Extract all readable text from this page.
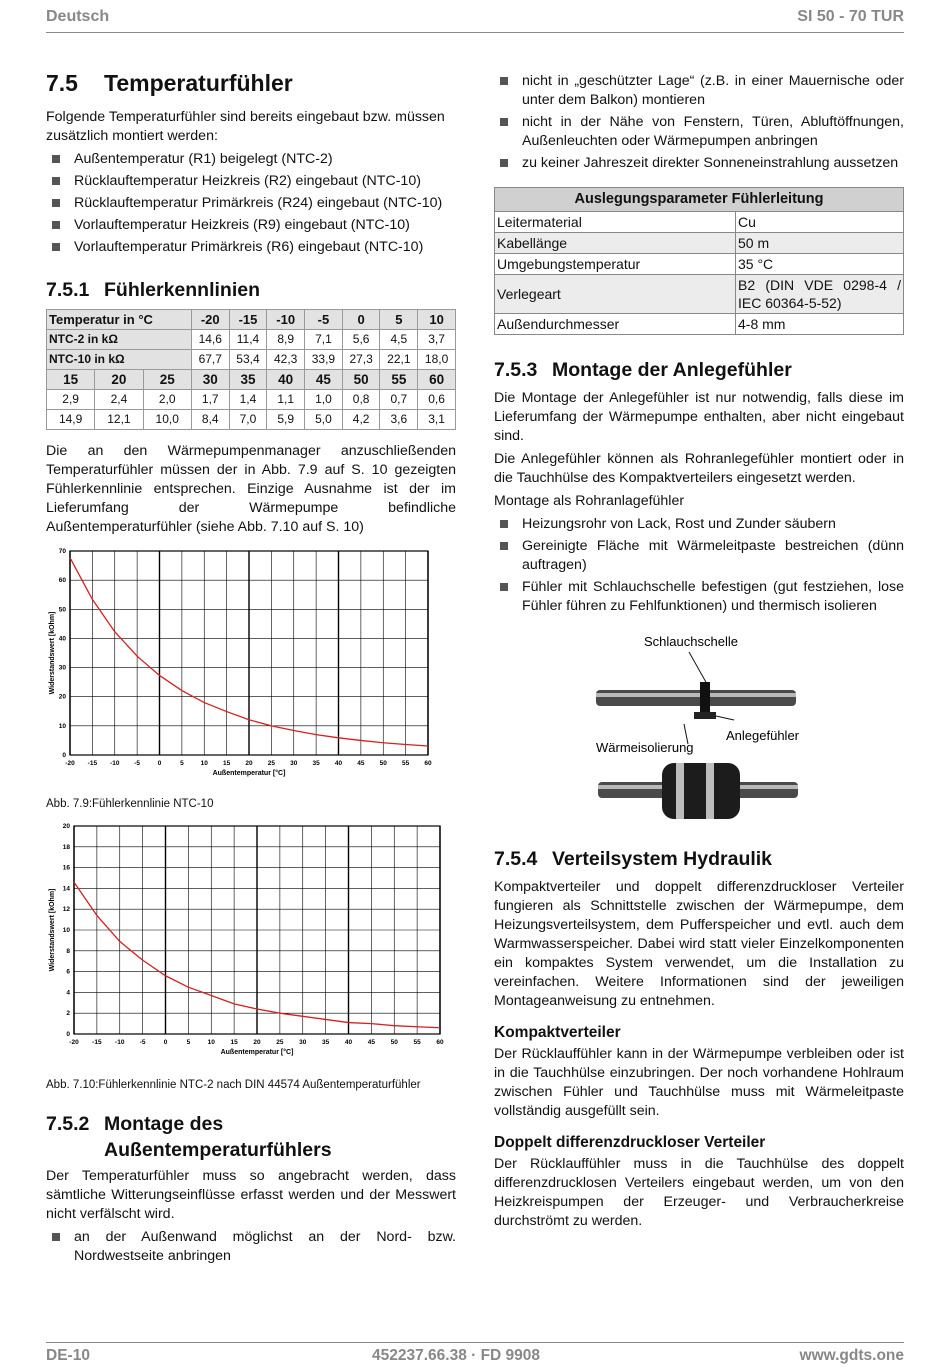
Deutsch	SI 50 - 70 TUR
7.5 Temperaturfühler

Folgende Temperaturfühler sind bereits eingebaut bzw. müssen zusätzlich montiert werden:

Außentemperatur (R1) beigelegt (NTC-2)
Rücklauftemperatur Heizkreis (R2) eingebaut (NTC-10)
Rücklauftemperatur Primärkreis (R24) eingebaut (NTC-10)
Vorlauftemperatur Heizkreis (R9) eingebaut (NTC-10)
Vorlauftemperatur Primärkreis (R6) eingebaut (NTC-10)
7.5.1 Fühlerkennlinien
Temperatur in °C			-20	-15	-10	-5	0	5	10
NTC-2 in kΩ			14,6	11,4	8,9	7,1	5,6	4,5	3,7
NTC-10 in kΩ			67,7	53,4	42,3	33,9	27,3	22,1	18,0
15	20	25	30	35	40	45	50	55	60
2,9	2,4	2,0	1,7	1,4	1,1	1,0	0,8	0,7	0,6
14,9	12,1	10,0	8,4	7,0	5,9	5,0	4,2	3,6	3,1

Die an den Wärmepumpenmanager anzuschließenden Temperaturfühler müssen der in Abb. 7.9 auf S. 10 gezeigten Fühlerkennlinie entsprechen. Einzige Ausnahme ist der im Lieferumfang der Wärmepumpe befindliche Außentemperaturfühler (siehe Abb. 7.10 auf S. 10)

-20 -15 -10 -5	0	5	10 15 20 25 30 35 40 45 50 55 60
0
10
20
30
40
50
60
70
Außentemperatur [°C]
Widerstandswert [kOhm]
Abb. 7.9:Fühlerkennlinie NTC-10
-20 -15 -10 -5	0	5	10 15 20 25 30 35 40 45 50 55 60
0
2
4
6
8
10
12
14
16
18
20
Außentemperatur [°C]
Widerstandswert [kOhm]
Abb. 7.10:Fühlerkennlinie NTC-2 nach DIN 44574 Außentemperaturfühler
7.5.2 Montage des
Außentemperaturfühlers

Der Temperaturfühler muss so angebracht werden, dass sämtliche Witterungseinflüsse erfasst werden und der Messwert nicht verfälscht wird.

an der Außenwand möglichst an der Nord- bzw. Nordwestseite anbringen
nicht in „geschützter Lage“ (z.B. in einer Mauernische oder unter dem Balkon) montieren
nicht in der Nähe von Fenstern, Türen, Abluftöffnungen, Außenleuchten oder Wärmepumpen anbringen
zu keiner Jahreszeit direkter Sonneneinstrahlung aussetzen
Auslegungsparameter Fühlerleitung	
Leitermaterial	Cu
Kabellänge	50 m
Umgebungstemperatur	35 °C
Verlegeart	B2 (DIN VDE 0298-4 / IEC 60364-5-52)
Außendurchmesser	4-8 mm
7.5.3 Montage der Anlegefühler

Die Montage der Anlegefühler ist nur notwendig, falls diese im Lieferumfang der Wärmepumpe enthalten, aber nicht eingebaut sind.

Die Anlegefühler können als Rohranlegefühler montiert oder in die Tauchhülse des Kompaktverteilers eingesetzt werden.

Montage als Rohranlagefühler

Heizungsrohr von Lack, Rost und Zunder säubern
Gereinigte Fläche mit Wärmeleitpaste bestreichen (dünn auftragen)
Fühler mit Schlauchschelle befestigen (gut festziehen, lose Fühler führen zu Fehlfunktionen) und thermisch isolieren
Schlauchschelle
Anlegefühler
Wärmeisolierung
7.5.4 Verteilsystem Hydraulik

Kompaktverteiler und doppelt differenzdruckloser Verteiler fungieren als Schnittstelle zwischen der Wärmepumpe, dem Heizungsverteilsystem, dem Pufferspeicher und evtl. auch dem Warmwasserspeicher. Dabei wird statt vieler Einzelkomponenten ein kompaktes System verwendet, um die Installation zu vereinfachen. Weitere Informationen sind der jeweiligen Montageanweisung zu entnehmen.

Kompaktverteiler

Der Rücklauffühler kann in der Wärmepumpe verbleiben oder ist in die Tauchhülse einzubringen. Der noch vorhandene Hohlraum zwischen Fühler und Tauchhülse muss mit Wärmeleitpaste vollständig ausgefüllt sein.

Doppelt differenzdruckloser Verteiler

Der Rücklauffühler muss in die Tauchhülse des doppelt differenzdrucklosen Verteilers eingebaut werden, um von den Heizkreispumpen der Erzeuger- und Verbraucherkreise durchströmt zu werden.

DE-10	452237.66.38 · FD 9908	www.gdts.one
